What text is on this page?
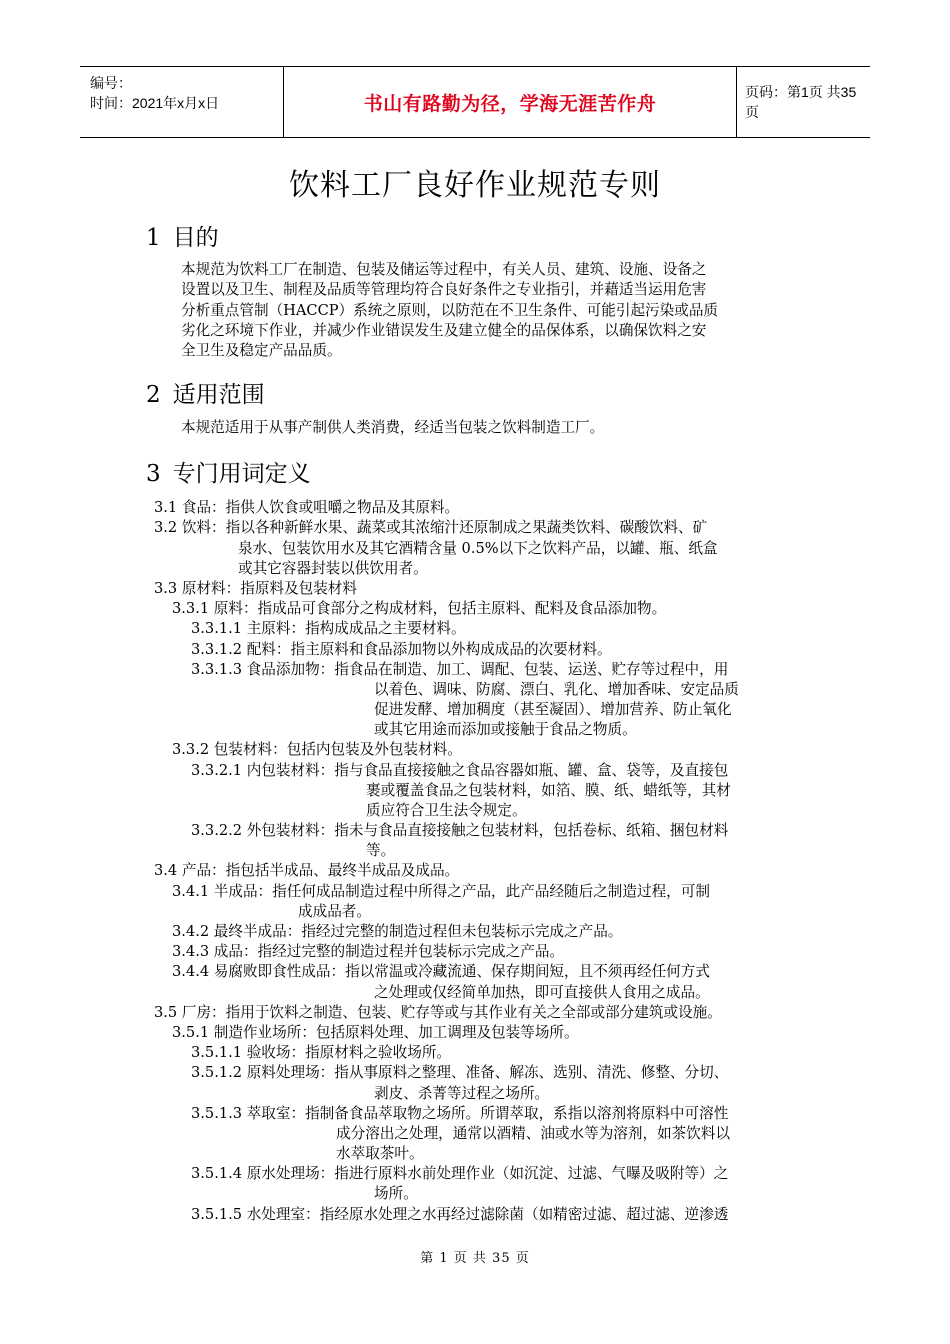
编号：
时间：2021年x月x日	书山有路勤为径，学海无涯苦作舟
页码：第1页 共35页
饮料工厂良好作业规范专则
1 目的
本规范为饮料工厂在制造、包装及储运等过程中，有关人员、建筑、设施、设备之
设置以及卫生、制程及品质等管理均符合良好条件之专业指引，并藉适当运用危害
分析重点管制（HACCP）系统之原则，以防范在不卫生条件、可能引起污染或品质
劣化之环境下作业，并减少作业错误发生及建立健全的品保体系，以确保饮料之安
全卫生及稳定产品品质。
2 适用范围
本规范适用于从事产制供人类消费，经适当包装之饮料制造工厂。
3 专门用词定义
3.1 食品：指供人饮食或咀嚼之物品及其原料。
3.2 饮料：指以各种新鲜水果、蔬菜或其浓缩汁还原制成之果蔬类饮料、碳酸饮料、矿
泉水、包装饮用水及其它酒精含量 0.5%以下之饮料产品，以罐、瓶、纸盒
或其它容器封装以供饮用者。
3.3 原材料：指原料及包装材料
3.3.1 原料：指成品可食部分之构成材料，包括主原料、配料及食品添加物。
3.3.1.1 主原料：指构成成品之主要材料。
3.3.1.2 配料：指主原料和食品添加物以外构成成品的次要材料。
3.3.1.3 食品添加物：指食品在制造、加工、调配、包装、运送、贮存等过程中，用
以着色、调味、防腐、漂白、乳化、增加香味、安定品质
促进发酵、增加稠度（甚至凝固）、增加营养、防止氧化
或其它用途而添加或接触于食品之物质。
3.3.2 包装材料：包括内包装及外包装材料。
3.3.2.1 内包装材料：指与食品直接接触之食品容器如瓶、罐、盒、袋等，及直接包
裹或覆盖食品之包装材料，如箔、膜、纸、蜡纸等，其材
质应符合卫生法令规定。
3.3.2.2 外包装材料：指未与食品直接接触之包装材料，包括卷标、纸箱、捆包材料
等。
3.4 产品：指包括半成品、最终半成品及成品。
3.4.1 半成品：指任何成品制造过程中所得之产品，此产品经随后之制造过程，可制
成成品者。
3.4.2 最终半成品：指经过完整的制造过程但未包装标示完成之产品。
3.4.3 成品：指经过完整的制造过程并包装标示完成之产品。
3.4.4 易腐败即食性成品：指以常温或冷藏流通、保存期间短，且不须再经任何方式
之处理或仅经简单加热，即可直接供人食用之成品。
3.5 厂房：指用于饮料之制造、包装、贮存等或与其作业有关之全部或部分建筑或设施。
3.5.1 制造作业场所：包括原料处理、加工调理及包装等场所。
3.5.1.1 验收场：指原材料之验收场所。
3.5.1.2 原料处理场：指从事原料之整理、准备、解冻、选别、清洗、修整、分切、
剥皮、杀菁等过程之场所。
3.5.1.3 萃取室：指制备食品萃取物之场所。所谓萃取，系指以溶剂将原料中可溶性
成分溶出之处理，通常以酒精、油或水等为溶剂，如茶饮料以
水萃取茶叶。
3.5.1.4 原水处理场：指进行原料水前处理作业（如沉淀、过滤、气曝及吸附等）之
场所。
3.5.1.5 水处理室：指经原水处理之水再经过滤除菌（如精密过滤、超过滤、逆渗透
第 1 页 共 35 页
